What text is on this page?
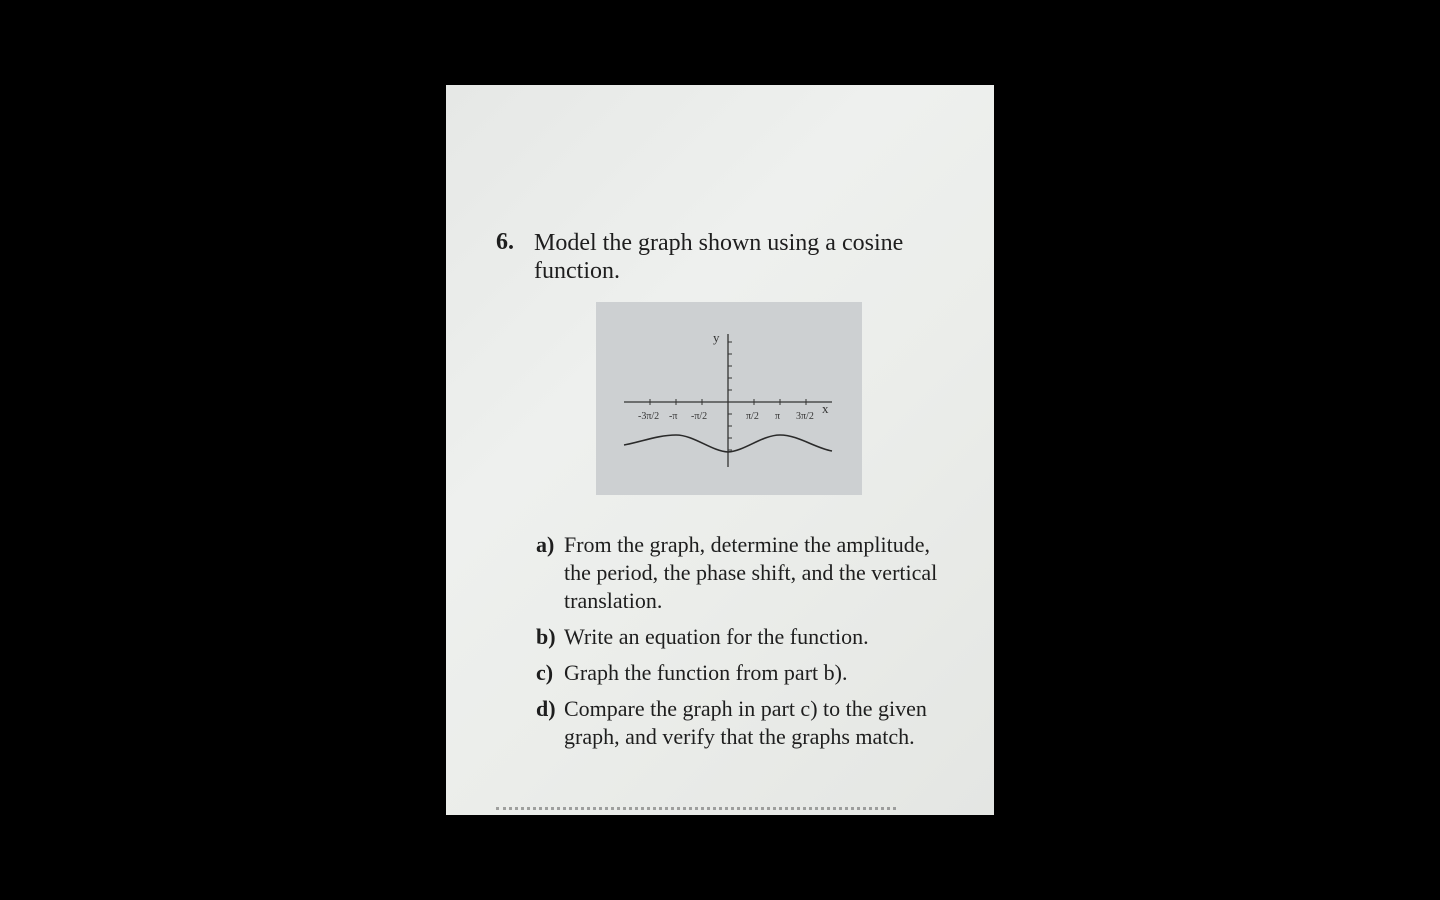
6. Model the graph shown using a cosine function.
y
x
-3π/2 -π -π/2	π/2 π 3π/2
a) From the graph, determine the amplitude, the period, the phase shift, and the vertical translation.
b) Write an equation for the function.
c) Graph the function from part b).
d) Compare the graph in part c) to the given graph, and verify that the graphs match.
